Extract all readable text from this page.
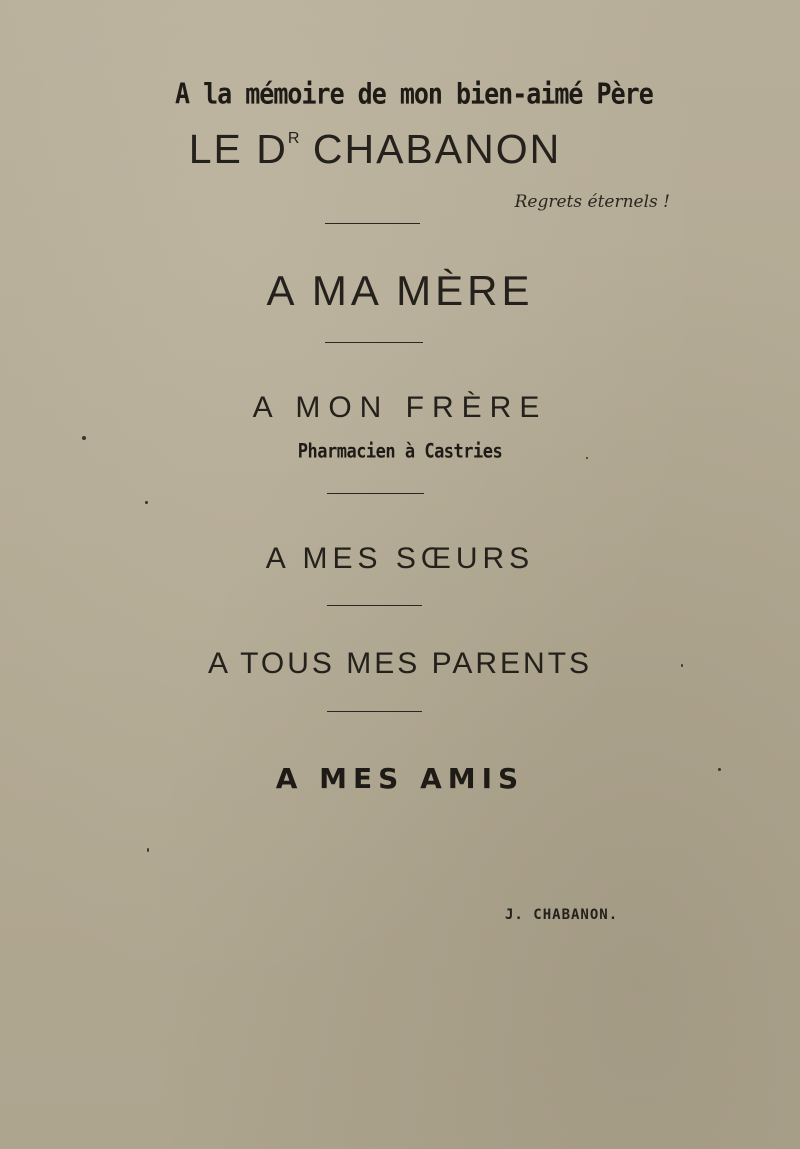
A la mémoire de mon bien-aimé Père
LE $D^R$ CHABANON
Regrets éternels !
A MA MÈRE
A MON FRÈRE
Pharmacien à Castries
A MES SŒURS
A TOUS MES PARENTS
A MES AMIS
J. CHABANON.
